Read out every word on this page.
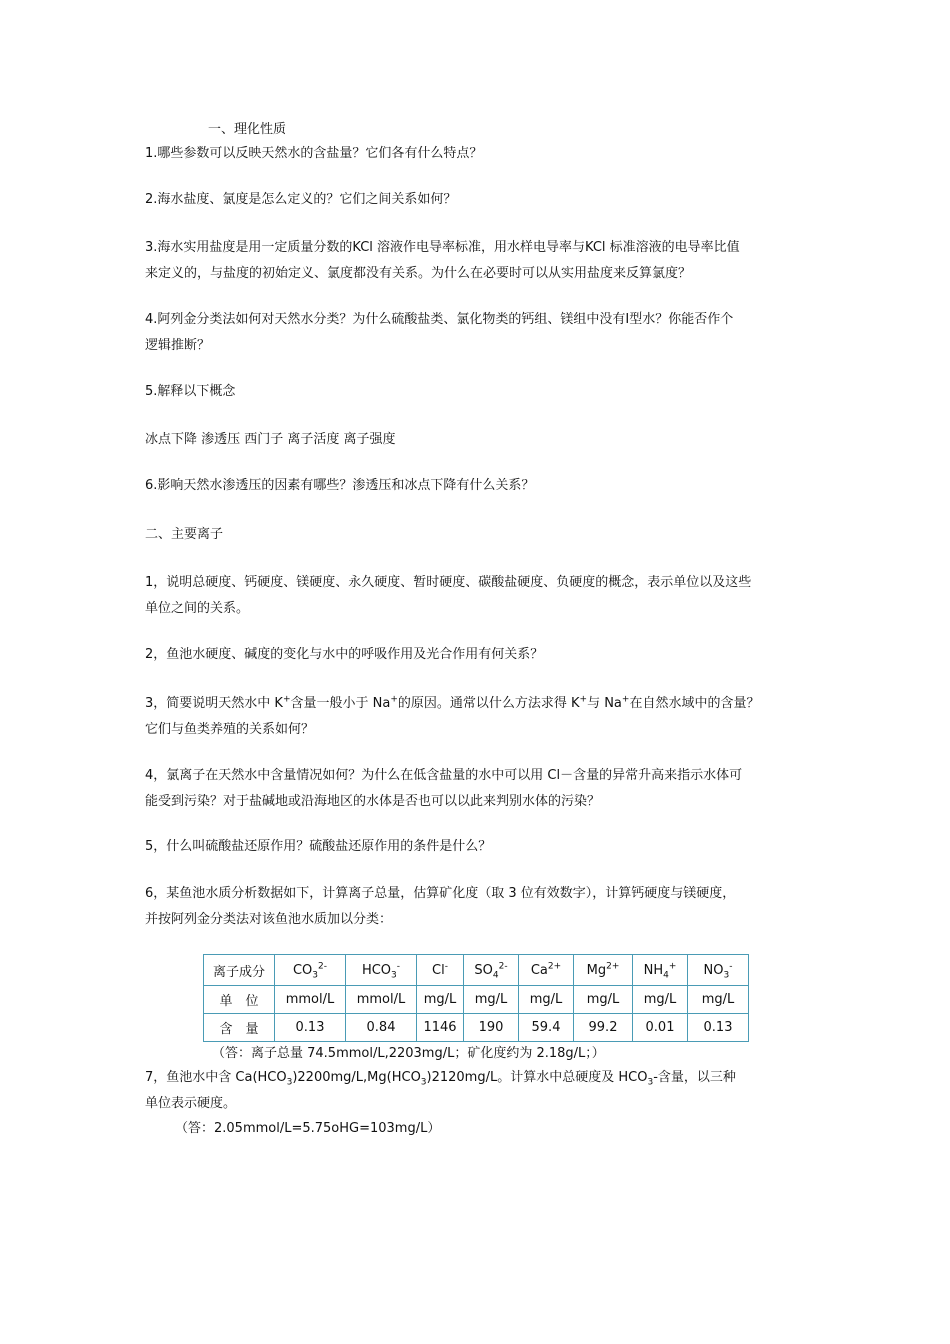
一、理化性质

1.哪些参数可以反映天然水的含盐量？它们各有什么特点？

2.海水盐度、氯度是怎么定义的？它们之间关系如何？

3.海水实用盐度是用一定质量分数的KCl 溶液作电导率标准，用水样电导率与KCl 标准溶液的电导率比值

来定义的，与盐度的初始定义、氯度都没有关系。为什么在必要时可以从实用盐度来反算氯度？

4.阿列金分类法如何对天然水分类？为什么硫酸盐类、氯化物类的钙组、镁组中没有Ⅰ型水？你能否作个

逻辑推断？

5.解释以下概念

冰点下降 渗透压 西门子 离子活度 离子强度

6.影响天然水渗透压的因素有哪些？渗透压和冰点下降有什么关系？

二、主要离子

1，说明总硬度、钙硬度、镁硬度、永久硬度、暂时硬度、碳酸盐硬度、负硬度的概念，表示单位以及这些

单位之间的关系。

2，鱼池水硬度、碱度的变化与水中的呼吸作用及光合作用有何关系？

3，简要说明天然水中 K+含量一般小于 Na+的原因。通常以什么方法求得 K+与 Na+在自然水域中的含量？

它们与鱼类养殖的关系如何？

4，氯离子在天然水中含量情况如何？为什么在低含盐量的水中可以用 Cl－含量的异常升高来指示水体可

能受到污染？对于盐碱地或沿海地区的水体是否也可以以此来判别水体的污染？

5，什么叫硫酸盐还原作用？硫酸盐还原作用的条件是什么？

6，某鱼池水质分析数据如下，计算离子总量，估算矿化度（取 3 位有效数字），计算钙硬度与镁硬度，

并按阿列金分类法对该鱼池水质加以分类：

离子成分	$CO_3^{2-}$	$HCO_3^-$	Cl-	$SO_4^{2-}$	$Ca^{2+}$	$Mg^{2+}$	$NH_4^+$	$NO_3^-$
单　位	mmol/L	mmol/L	mg/L	mg/L	mg/L	mg/L	mg/L	mg/L
含　量	0.13	0.84	1146	190	59.4	99.2	0.01	0.13

（答：离子总量 74.5mmol/L,2203mg/L；矿化度约为 2.18g/L；）

7，鱼池水中含 $Ca(HCO_3)2200mg/L,Mg(HCO_3)2120mg/L$。计算水中总硬度及 $HCO_3-$含量，以三种

单位表示硬度。

（答：2.05mmol/L=5.75oHG=103mg/L）
